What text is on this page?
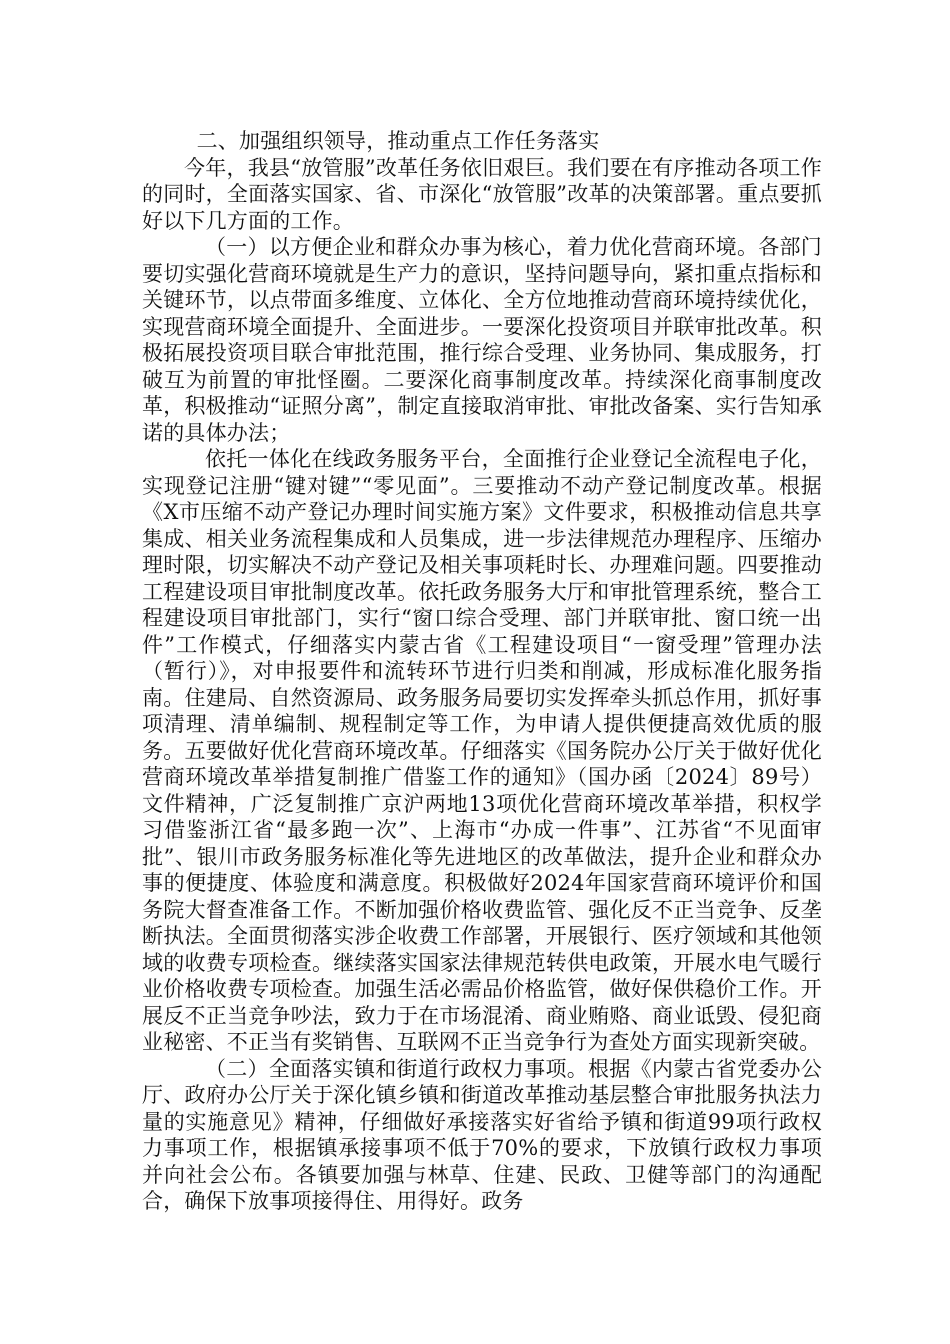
二、加强组织领导，推动重点工作任务落实

今年，我县“放管服”改革任务依旧艰巨。我们要在有序推动各项工作的同时，全面落实国家、省、市深化“放管服”改革的决策部署。重点要抓好以下几方面的工作。

（一）以方便企业和群众办事为核心，着力优化营商环境。各部门要切实强化营商环境就是生产力的意识，坚持问题导向，紧扣重点指标和关键环节，以点带面多维度、立体化、全方位地推动营商环境持续优化，实现营商环境全面提升、全面进步。一要深化投资项目并联审批改革。积极拓展投资项目联合审批范围，推行综合受理、业务协同、集成服务，打破互为前置的审批怪圈。二要深化商事制度改革。持续深化商事制度改革，积极推动“证照分离”，制定直接取消审批、审批改备案、实行告知承诺的具体办法；

依托一体化在线政务服务平台，全面推行企业登记全流程电子化，实现登记注册“键对键”“零见面”。三要推动不动产登记制度改革。根据《X市压缩不动产登记办理时间实施方案》文件要求，积极推动信息共享集成、相关业务流程集成和人员集成，进一步法律规范办理程序、压缩办理时限，切实解决不动产登记及相关事项耗时长、办理难问题。四要推动工程建设项目审批制度改革。依托政务服务大厅和审批管理系统，整合工程建设项目审批部门，实行“窗口综合受理、部门并联审批、窗口统一出件”工作模式，仔细落实内蒙古省《工程建设项目“一窗受理”管理办法（暂行）》，对申报要件和流转环节进行归类和削减，形成标准化服务指南。住建局、自然资源局、政务服务局要切实发挥牵头抓总作用，抓好事项清理、清单编制、规程制定等工作，为申请人提供便捷高效优质的服务。五要做好优化营商环境改革。仔细落实《国务院办公厅关于做好优化营商环境改革举措复制推广借鉴工作的通知》（国办函〔2024〕89号）文件精神，广泛复制推广京沪两地13项优化营商环境改革举措，积权学习借鉴浙江省“最多跑一次”、上海市“办成一件事”、江苏省“不见面审批”、银川市政务服务标准化等先进地区的改革做法，提升企业和群众办事的便捷度、体验度和满意度。积极做好2024年国家营商环境评价和国务院大督查准备工作。不断加强价格收费监管、强化反不正当竞争、反垄断执法。全面贯彻落实涉企收费工作部署，开展银行、医疗领域和其他领域的收费专项检查。继续落实国家法律规范转供电政策，开展水电气暖行业价格收费专项检查。加强生活必需品价格监管，做好保供稳价工作。开展反不正当竞争吵法，致力于在市场混淆、商业贿赂、商业诋毁、侵犯商业秘密、不正当有奖销售、互联网不正当竞争行为查处方面实现新突破。

（二）全面落实镇和街道行政权力事项。根据《内蒙古省党委办公厅、政府办公厅关于深化镇乡镇和街道改革推动基层整合审批服务执法力量的实施意见》精神，仔细做好承接落实好省给予镇和街道99项行政权力事项工作，根据镇承接事项不低于70%的要求，下放镇行政权力事项并向社会公布。各镇要加强与林草、住建、民政、卫健等部门的沟通配合，确保下放事项接得住、用得好。政务
